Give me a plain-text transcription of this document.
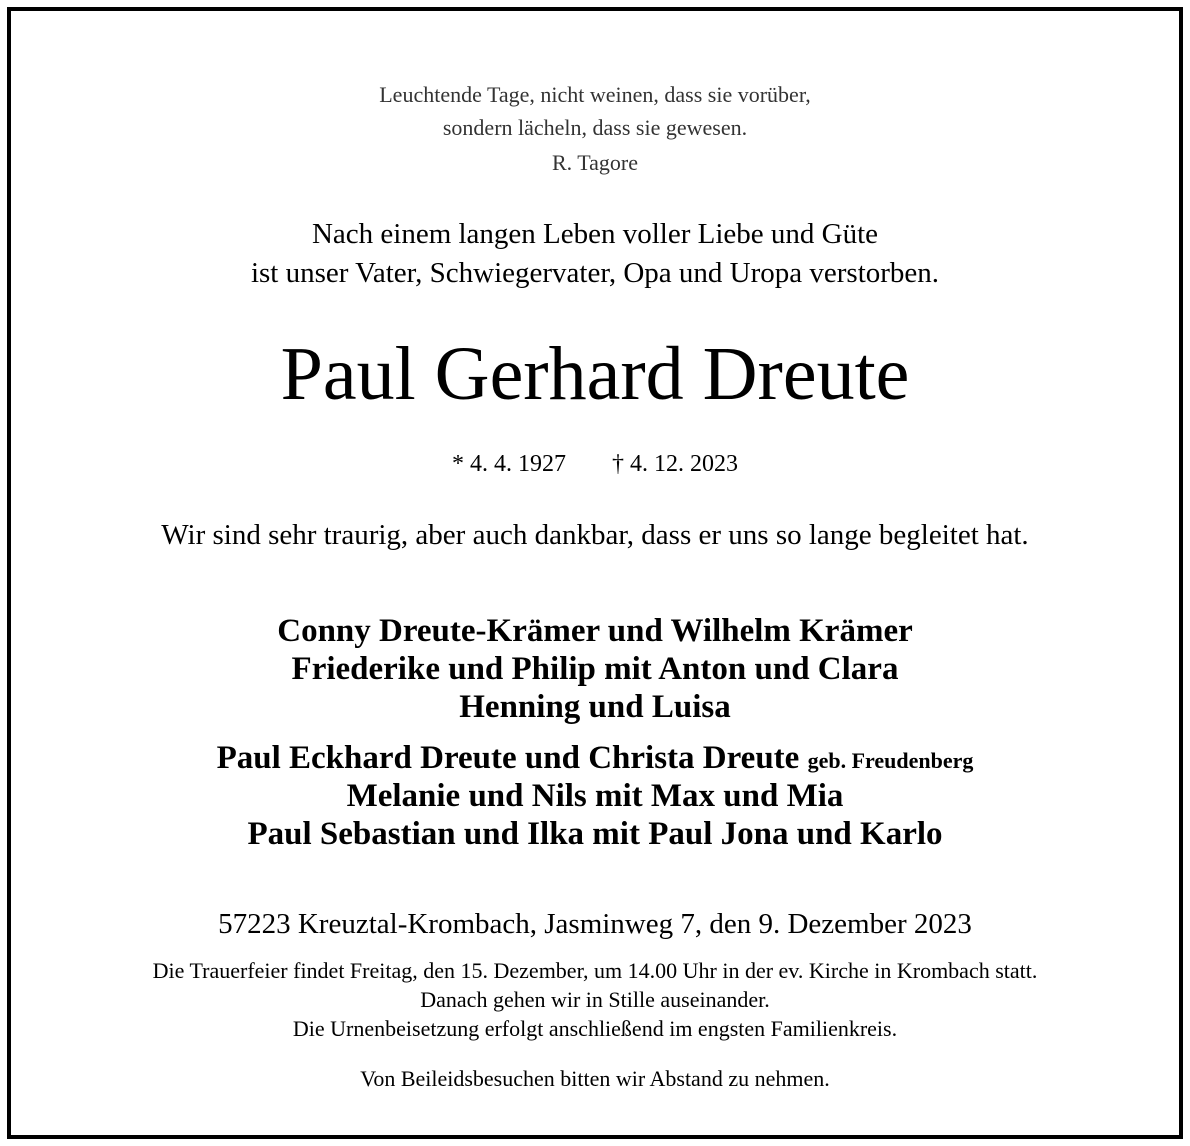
Leuchtende Tage, nicht weinen, dass sie vorüber,
sondern lächeln, dass sie gewesen.
R. Tagore
Nach einem langen Leben voller Liebe und Güte
ist unser Vater, Schwiegervater, Opa und Uropa verstorben.
Paul Gerhard Dreute
* 4. 4. 1927 † 4. 12. 2023
Wir sind sehr traurig, aber auch dankbar, dass er uns so lange begleitet hat.
Conny Dreute-Krämer und Wilhelm Krämer
Friederike und Philip mit Anton und Clara
Henning und Luisa
Paul Eckhard Dreute und Christa Dreute geb. Freudenberg
Melanie und Nils mit Max und Mia
Paul Sebastian und Ilka mit Paul Jona und Karlo
57223 Kreuztal-Krombach, Jasminweg 7, den 9. Dezember 2023
Die Trauerfeier findet Freitag, den 15. Dezember, um 14.00 Uhr in der ev. Kirche in Krombach statt.
Danach gehen wir in Stille auseinander.
Die Urnenbeisetzung erfolgt anschließend im engsten Familienkreis.
Von Beileidsbesuchen bitten wir Abstand zu nehmen.
